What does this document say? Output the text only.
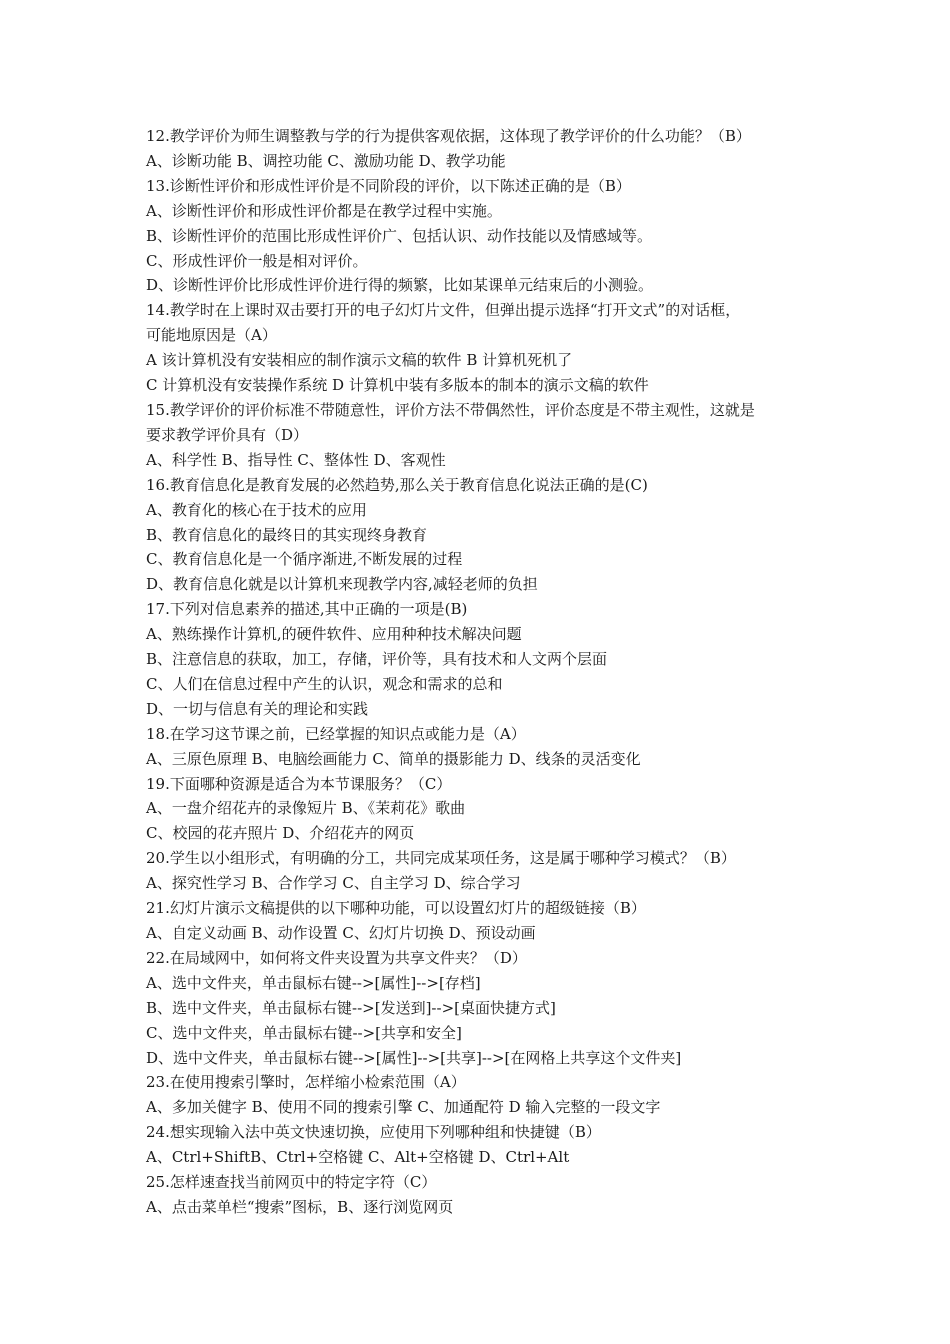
12.教学评价为师生调整教与学的行为提供客观依据，这体现了教学评价的什么功能？（B）
A、诊断功能 B、调控功能 C、激励功能 D、教学功能
13.诊断性评价和形成性评价是不同阶段的评价，以下陈述正确的是（B）
A、诊断性评价和形成性评价都是在教学过程中实施。
B、诊断性评价的范围比形成性评价广、包括认识、动作技能以及情感域等。
C、形成性评价一般是相对评价。
D、诊断性评价比形成性评价进行得的频繁，比如某课单元结束后的小测验。
14.教学时在上课时双击要打开的电子幻灯片文件，但弹出提示选择“打开文式”的对话框，
可能地原因是（A）
A 该计算机没有安装相应的制作演示文稿的软件 B 计算机死机了
C 计算机没有安装操作系统 D 计算机中装有多版本的制本的演示文稿的软件
15.教学评价的评价标准不带随意性，评价方法不带偶然性，评价态度是不带主观性，这就是
要求教学评价具有（D）
A、科学性 B、指导性 C、整体性 D、客观性
16.教育信息化是教育发展的必然趋势,那么关于教育信息化说法正确的是(C)
A、教育化的核心在于技术的应用
B、教育信息化的最终日的其实现终身教育
C、教育信息化是一个循序渐进,不断发展的过程
D、教育信息化就是以计算机来现教学内容,减轻老师的负担
17.下列对信息素养的描述,其中正确的一项是(B)
A、熟练操作计算机,的硬件软件、应用种种技术解决问题
B、注意信息的获取，加工，存储，评价等，具有技术和人文两个层面
C、人们在信息过程中产生的认识，观念和需求的总和
D、一切与信息有关的理论和实践
18.在学习这节课之前，已经掌握的知识点或能力是（A）
A、三原色原理 B、电脑绘画能力 C、简单的摄影能力 D、线条的灵活变化
19.下面哪种资源是适合为本节课服务？（C）
A、一盘介绍花卉的录像短片 B、《茉莉花》歌曲
C、校园的花卉照片 D、介绍花卉的网页
20.学生以小组形式，有明确的分工，共同完成某项任务，这是属于哪种学习模式？（B）
A、探究性学习 B、合作学习 C、自主学习 D、综合学习
21.幻灯片演示文稿提供的以下哪种功能，可以设置幻灯片的超级链接（B）
A、自定义动画 B、动作设置 C、幻灯片切换 D、预设动画
22.在局域网中，如何将文件夹设置为共享文件夹？（D）
A、选中文件夹，单击鼠标右键-->[属性]-->[存档]
B、选中文件夹，单击鼠标右键-->[发送到]-->[桌面快捷方式]
C、选中文件夹，单击鼠标右键-->[共享和安全]
D、选中文件夹，单击鼠标右键-->[属性]-->[共享]-->[在网格上共享这个文件夹]
23.在使用搜索引擎时，怎样缩小检索范围（A）
A、多加关健字 B、使用不同的搜索引擎 C、加通配符 D 输入完整的一段文字
24.想实现输入法中英文快速切换，应使用下列哪种组和快捷键（B）
A、Ctrl+ShiftB、Ctrl+空格键 C、Alt+空格键 D、Ctrl+Alt
25.怎样速查找当前网页中的特定字符（C）
A、点击菜单栏“搜索”图标，B、逐行浏览网页
